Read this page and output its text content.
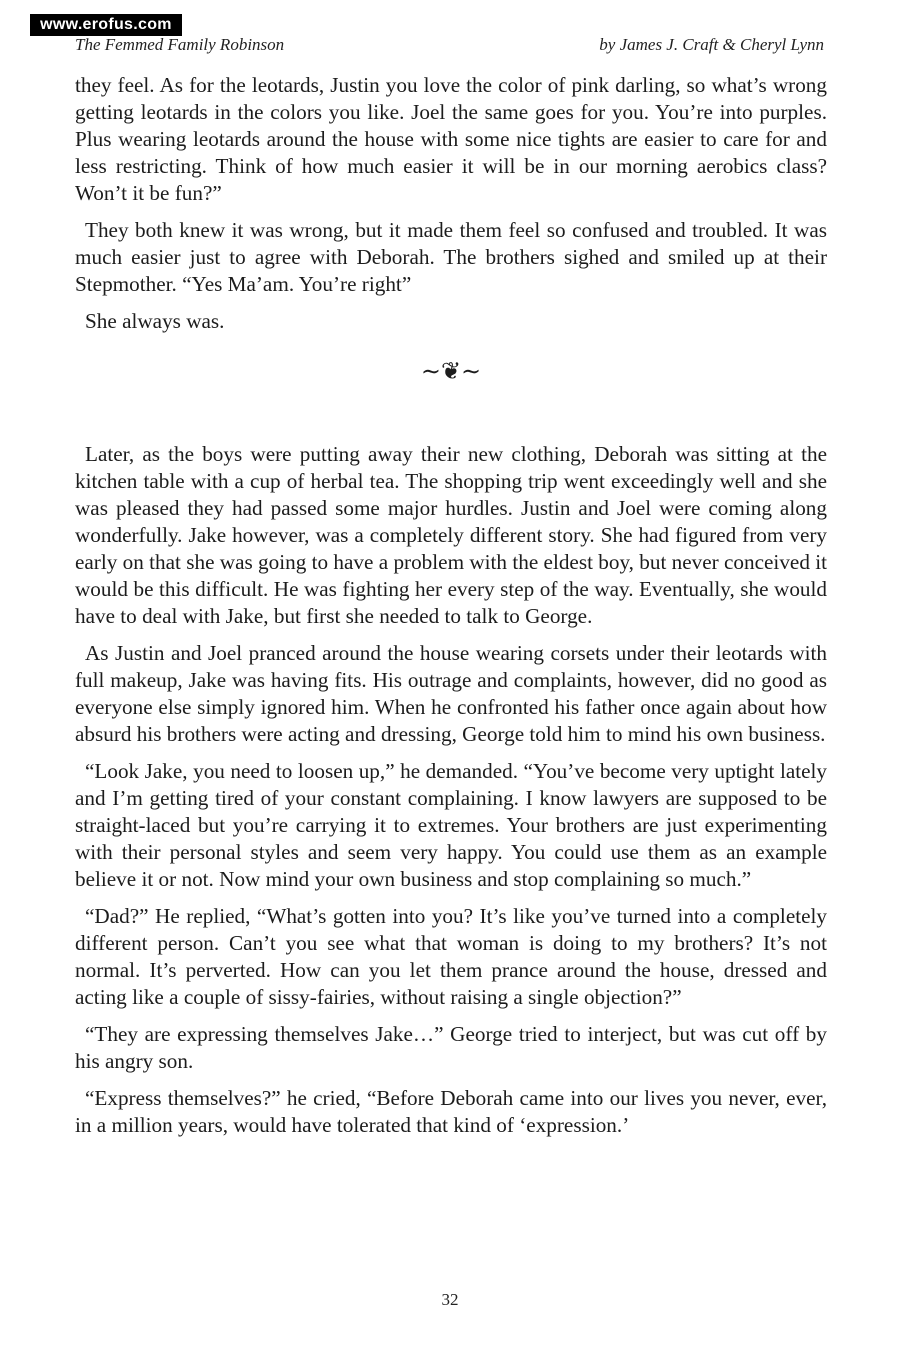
www.erofus.com
The Femmed Family Robinson	by James J. Craft & Cheryl Lynn

they feel. As for the leotards, Justin you love the color of pink darling, so what’s wrong getting leotards in the colors you like. Joel the same goes for you. You’re into purples. Plus wearing leotards around the house with some nice tights are easier to care for and less restricting. Think of how much easier it will be in our morning aerobics class? Won’t it be fun?”

They both knew it was wrong, but it made them feel so confused and troubled. It was much easier just to agree with Deborah. The brothers sighed and smiled up at their Stepmother. “Yes Ma’am. You’re right”

She always was.

∼❦∼

Later, as the boys were putting away their new clothing, Deborah was sitting at the kitchen table with a cup of herbal tea. The shopping trip went exceedingly well and she was pleased they had passed some major hurdles. Justin and Joel were coming along wonderfully. Jake however, was a completely different story. She had figured from very early on that she was going to have a problem with the eldest boy, but never conceived it would be this difficult. He was fighting her every step of the way. Eventually, she would have to deal with Jake, but first she needed to talk to George.

As Justin and Joel pranced around the house wearing corsets under their leotards with full makeup, Jake was having fits. His outrage and complaints, however, did no good as everyone else simply ignored him. When he confronted his father once again about how absurd his brothers were acting and dressing, George told him to mind his own business.

“Look Jake, you need to loosen up,” he demanded. “You’ve become very uptight lately and I’m getting tired of your constant complaining. I know lawyers are supposed to be straight-laced but you’re carrying it to extremes. Your brothers are just experimenting with their personal styles and seem very happy. You could use them as an example believe it or not. Now mind your own business and stop complaining so much.”

“Dad?” He replied, “What’s gotten into you? It’s like you’ve turned into a completely different person. Can’t you see what that woman is doing to my brothers? It’s not normal. It’s perverted. How can you let them prance around the house, dressed and acting like a couple of sissy-fairies, without raising a single objection?”

“They are expressing themselves Jake…” George tried to interject, but was cut off by his angry son.

“Express themselves?” he cried, “Before Deborah came into our lives you never, ever, in a million years, would have tolerated that kind of ‘expression.’

32
